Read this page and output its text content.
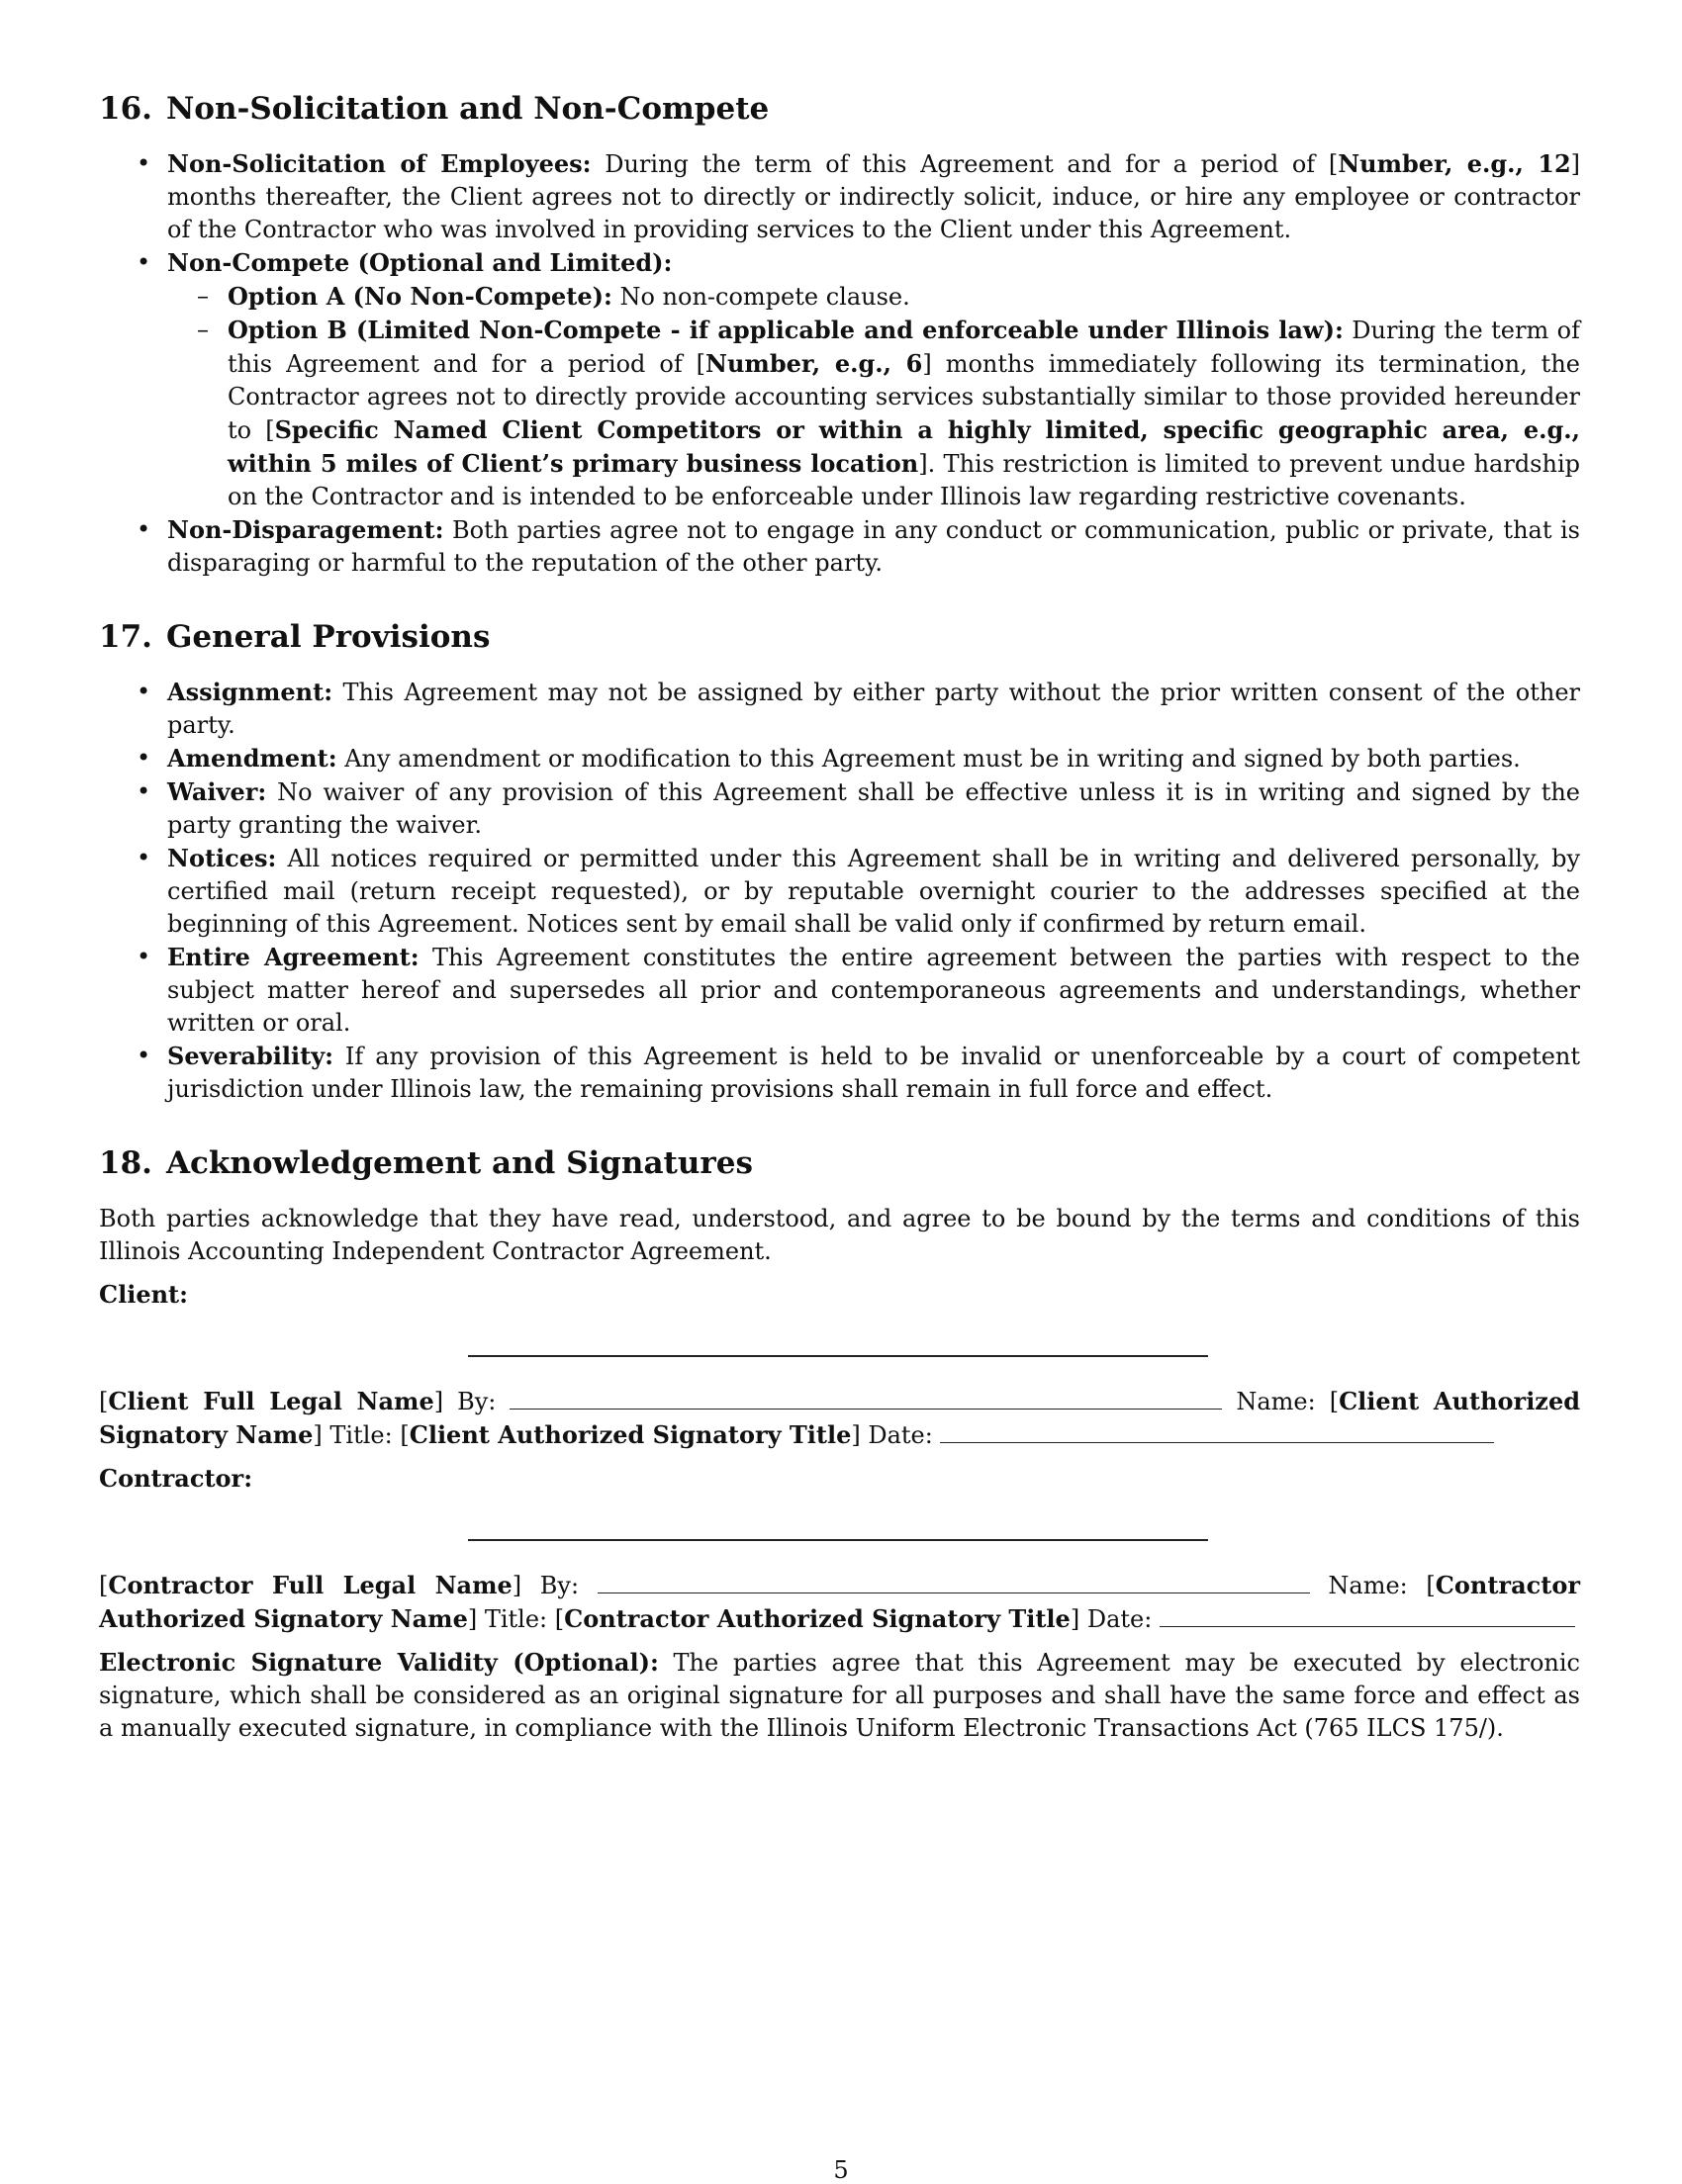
16. Non-Solicitation and Non-Compete
• Non-Solicitation of Employees: During the term of this Agreement and for a period of [Number, e.g., 12] months thereafter, the Client agrees not to directly or indirectly solicit, induce, or hire any employee or contractor of the Contractor who was involved in providing services to the Client under this Agreement.
• Non-Compete (Optional and Limited):
– Option A (No Non-Compete): No non-compete clause.
– Option B (Limited Non-Compete - if applicable and enforceable under Illinois law): During the term of this Agreement and for a period of [Number, e.g., 6] months immediately following its termination, the Contractor agrees not to directly provide accounting services substantially similar to those provided hereunder to [Specific Named Client Competitors or within a highly limited, specific geographic area, e.g., within 5 miles of Client’s primary business location]. This restriction is limited to prevent undue hardship on the Contractor and is intended to be enforceable under Illinois law regarding restrictive covenants.
• Non-Disparagement: Both parties agree not to engage in any conduct or communication, public or private, that is disparaging or harmful to the reputation of the other party.
17. General Provisions
• Assignment: This Agreement may not be assigned by either party without the prior written consent of the other party.
• Amendment: Any amendment or modification to this Agreement must be in writing and signed by both parties.
• Waiver: No waiver of any provision of this Agreement shall be effective unless it is in writing and signed by the party granting the waiver.
• Notices: All notices required or permitted under this Agreement shall be in writing and delivered personally, by certified mail (return receipt requested), or by reputable overnight courier to the addresses specified at the beginning of this Agreement. Notices sent by email shall be valid only if confirmed by return email.
• Entire Agreement: This Agreement constitutes the entire agreement between the parties with respect to the subject matter hereof and supersedes all prior and contemporaneous agreements and understandings, whether written or oral.
• Severability: If any provision of this Agreement is held to be invalid or unenforceable by a court of competent jurisdiction under Illinois law, the remaining provisions shall remain in full force and effect.
18. Acknowledgement and Signatures

Both parties acknowledge that they have read, understood, and agree to be bound by the terms and conditions of this Illinois Accounting Independent Contractor Agreement.

Client:

[Client Full Legal Name] By:	Name: [Client Authorized Signatory Name] Title: [Client Authorized Signatory Title] Date:

Contractor:

[Contractor Full Legal Name] By:	Name: [Contractor Authorized Signatory Name] Title: [Contractor Authorized Signatory Title] Date:

Electronic Signature Validity (Optional): The parties agree that this Agreement may be executed by electronic signature, which shall be considered as an original signature for all purposes and shall have the same force and effect as a manually executed signature, in compliance with the Illinois Uniform Electronic Transactions Act (765 ILCS 175/).

5
